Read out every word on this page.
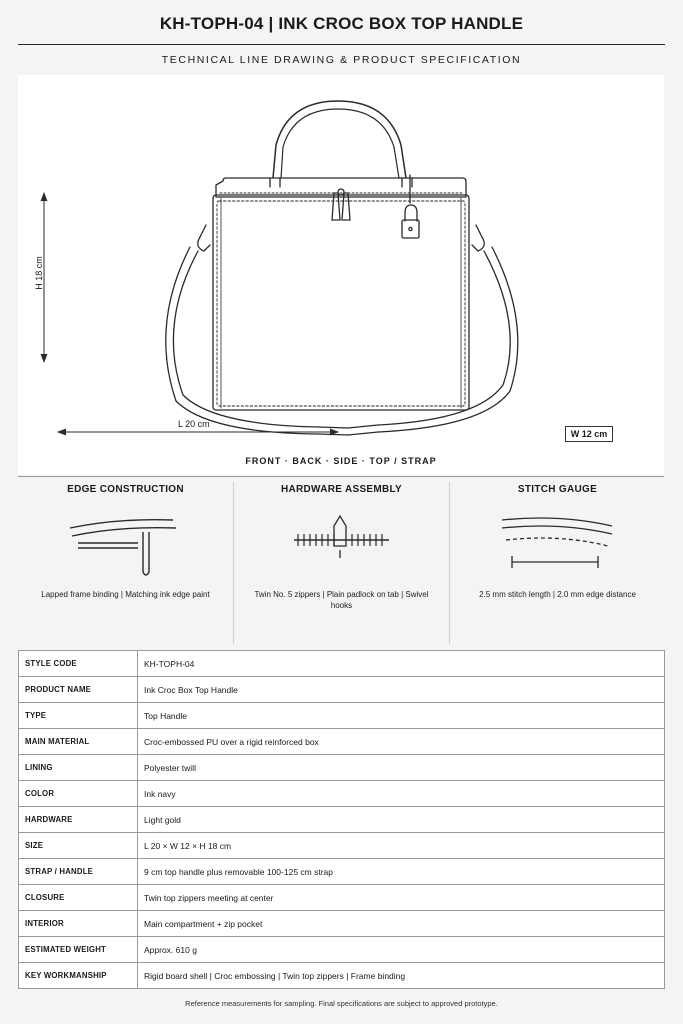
KH-TOPH-04 | INK CROC BOX TOP HANDLE
TECHNICAL LINE DRAWING & PRODUCT SPECIFICATION
H 18 cm
L 20 cm
W 12 cm
FRONT · BACK · SIDE · TOP / STRAP
EDGE CONSTRUCTION
Lapped frame binding | Matching ink edge paint
HARDWARE ASSEMBLY
Twin No. 5 zippers | Plain padlock on tab | Swivel hooks
STITCH GAUGE
2.5 mm stitch length | 2.0 mm edge distance
STYLE CODE	KH-TOPH-04
PRODUCT NAME	Ink Croc Box Top Handle
TYPE	Top Handle
MAIN MATERIAL	Croc-embossed PU over a rigid reinforced box
LINING	Polyester twill
COLOR	Ink navy
HARDWARE	Light gold
SIZE	L 20 × W 12 × H 18 cm
STRAP / HANDLE	9 cm top handle plus removable 100-125 cm strap
CLOSURE	Twin top zippers meeting at center
INTERIOR	Main compartment + zip pocket
ESTIMATED WEIGHT	Approx. 610 g
KEY WORKMANSHIP	Rigid board shell | Croc embossing | Twin top zippers | Frame binding
Reference measurements for sampling. Final specifications are subject to approved prototype.
